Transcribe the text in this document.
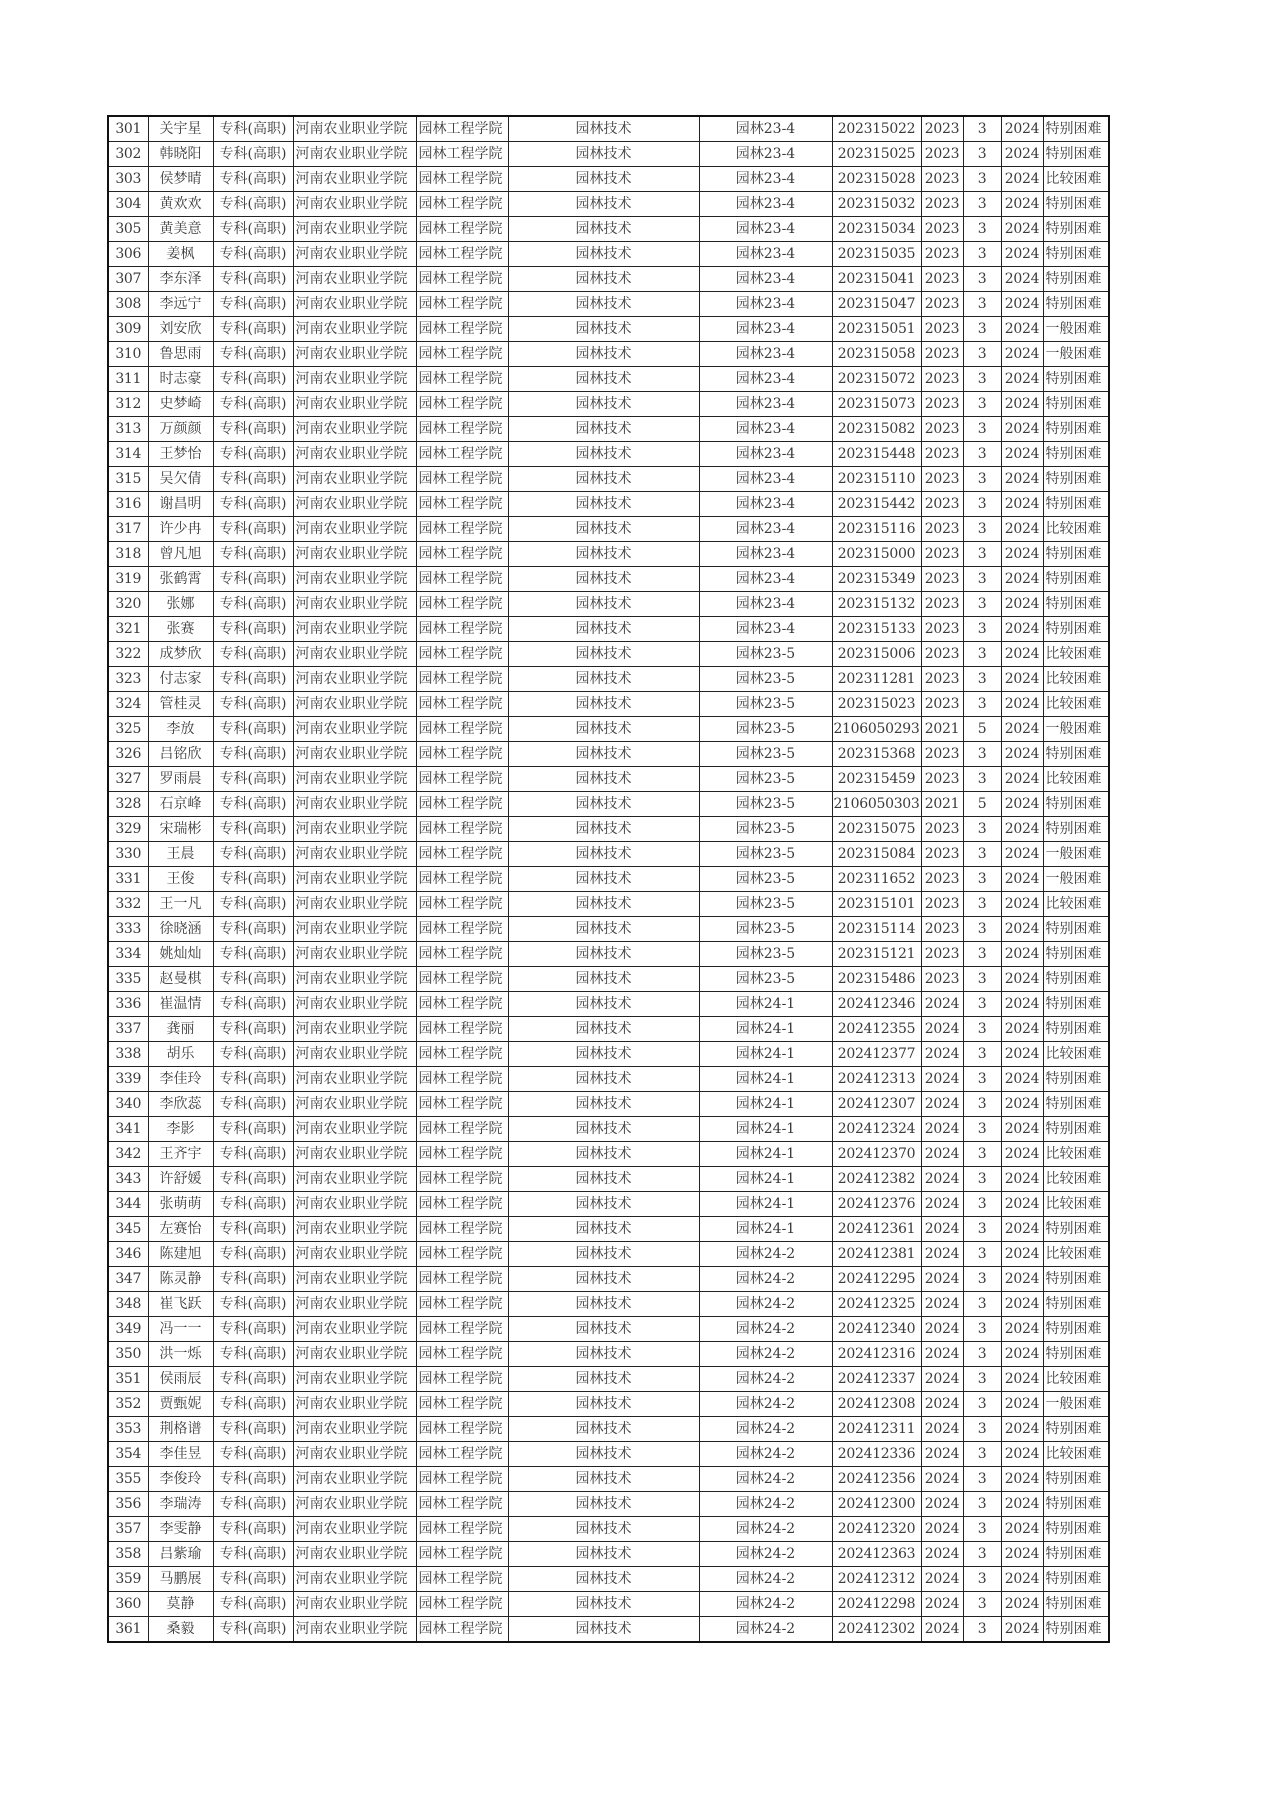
301	关宇星	专科(高职)	河南农业职业学院	园林工程学院	园林技术	园林23-4	202315022	2023	3	2024	特别困难
302	韩晓阳	专科(高职)	河南农业职业学院	园林工程学院	园林技术	园林23-4	202315025	2023	3	2024	特别困难
303	侯梦晴	专科(高职)	河南农业职业学院	园林工程学院	园林技术	园林23-4	202315028	2023	3	2024	比较困难
304	黄欢欢	专科(高职)	河南农业职业学院	园林工程学院	园林技术	园林23-4	202315032	2023	3	2024	特别困难
305	黄美意	专科(高职)	河南农业职业学院	园林工程学院	园林技术	园林23-4	202315034	2023	3	2024	特别困难
306	姜枫	专科(高职)	河南农业职业学院	园林工程学院	园林技术	园林23-4	202315035	2023	3	2024	特别困难
307	李东泽	专科(高职)	河南农业职业学院	园林工程学院	园林技术	园林23-4	202315041	2023	3	2024	特别困难
308	李远宁	专科(高职)	河南农业职业学院	园林工程学院	园林技术	园林23-4	202315047	2023	3	2024	特别困难
309	刘安欣	专科(高职)	河南农业职业学院	园林工程学院	园林技术	园林23-4	202315051	2023	3	2024	一般困难
310	鲁思雨	专科(高职)	河南农业职业学院	园林工程学院	园林技术	园林23-4	202315058	2023	3	2024	一般困难
311	时志豪	专科(高职)	河南农业职业学院	园林工程学院	园林技术	园林23-4	202315072	2023	3	2024	特别困难
312	史梦崎	专科(高职)	河南农业职业学院	园林工程学院	园林技术	园林23-4	202315073	2023	3	2024	特别困难
313	万颜颜	专科(高职)	河南农业职业学院	园林工程学院	园林技术	园林23-4	202315082	2023	3	2024	特别困难
314	王梦怡	专科(高职)	河南农业职业学院	园林工程学院	园林技术	园林23-4	202315448	2023	3	2024	特别困难
315	吴欠倩	专科(高职)	河南农业职业学院	园林工程学院	园林技术	园林23-4	202315110	2023	3	2024	特别困难
316	谢昌明	专科(高职)	河南农业职业学院	园林工程学院	园林技术	园林23-4	202315442	2023	3	2024	特别困难
317	许少冉	专科(高职)	河南农业职业学院	园林工程学院	园林技术	园林23-4	202315116	2023	3	2024	比较困难
318	曾凡旭	专科(高职)	河南农业职业学院	园林工程学院	园林技术	园林23-4	202315000	2023	3	2024	特别困难
319	张鹤霄	专科(高职)	河南农业职业学院	园林工程学院	园林技术	园林23-4	202315349	2023	3	2024	特别困难
320	张娜	专科(高职)	河南农业职业学院	园林工程学院	园林技术	园林23-4	202315132	2023	3	2024	特别困难
321	张赛	专科(高职)	河南农业职业学院	园林工程学院	园林技术	园林23-4	202315133	2023	3	2024	特别困难
322	成梦欣	专科(高职)	河南农业职业学院	园林工程学院	园林技术	园林23-5	202315006	2023	3	2024	比较困难
323	付志家	专科(高职)	河南农业职业学院	园林工程学院	园林技术	园林23-5	202311281	2023	3	2024	比较困难
324	管桂灵	专科(高职)	河南农业职业学院	园林工程学院	园林技术	园林23-5	202315023	2023	3	2024	比较困难
325	李放	专科(高职)	河南农业职业学院	园林工程学院	园林技术	园林23-5	2106050293	2021	5	2024	一般困难
326	吕铭欣	专科(高职)	河南农业职业学院	园林工程学院	园林技术	园林23-5	202315368	2023	3	2024	特别困难
327	罗雨晨	专科(高职)	河南农业职业学院	园林工程学院	园林技术	园林23-5	202315459	2023	3	2024	比较困难
328	石京峰	专科(高职)	河南农业职业学院	园林工程学院	园林技术	园林23-5	2106050303	2021	5	2024	特别困难
329	宋瑞彬	专科(高职)	河南农业职业学院	园林工程学院	园林技术	园林23-5	202315075	2023	3	2024	特别困难
330	王晨	专科(高职)	河南农业职业学院	园林工程学院	园林技术	园林23-5	202315084	2023	3	2024	一般困难
331	王俊	专科(高职)	河南农业职业学院	园林工程学院	园林技术	园林23-5	202311652	2023	3	2024	一般困难
332	王一凡	专科(高职)	河南农业职业学院	园林工程学院	园林技术	园林23-5	202315101	2023	3	2024	比较困难
333	徐晓涵	专科(高职)	河南农业职业学院	园林工程学院	园林技术	园林23-5	202315114	2023	3	2024	特别困难
334	姚灿灿	专科(高职)	河南农业职业学院	园林工程学院	园林技术	园林23-5	202315121	2023	3	2024	特别困难
335	赵曼棋	专科(高职)	河南农业职业学院	园林工程学院	园林技术	园林23-5	202315486	2023	3	2024	特别困难
336	崔温情	专科(高职)	河南农业职业学院	园林工程学院	园林技术	园林24-1	202412346	2024	3	2024	特别困难
337	龚丽	专科(高职)	河南农业职业学院	园林工程学院	园林技术	园林24-1	202412355	2024	3	2024	特别困难
338	胡乐	专科(高职)	河南农业职业学院	园林工程学院	园林技术	园林24-1	202412377	2024	3	2024	比较困难
339	李佳玲	专科(高职)	河南农业职业学院	园林工程学院	园林技术	园林24-1	202412313	2024	3	2024	特别困难
340	李欣蕊	专科(高职)	河南农业职业学院	园林工程学院	园林技术	园林24-1	202412307	2024	3	2024	特别困难
341	李影	专科(高职)	河南农业职业学院	园林工程学院	园林技术	园林24-1	202412324	2024	3	2024	特别困难
342	王齐宇	专科(高职)	河南农业职业学院	园林工程学院	园林技术	园林24-1	202412370	2024	3	2024	比较困难
343	许舒媛	专科(高职)	河南农业职业学院	园林工程学院	园林技术	园林24-1	202412382	2024	3	2024	比较困难
344	张萌萌	专科(高职)	河南农业职业学院	园林工程学院	园林技术	园林24-1	202412376	2024	3	2024	比较困难
345	左赛怡	专科(高职)	河南农业职业学院	园林工程学院	园林技术	园林24-1	202412361	2024	3	2024	特别困难
346	陈建旭	专科(高职)	河南农业职业学院	园林工程学院	园林技术	园林24-2	202412381	2024	3	2024	比较困难
347	陈灵静	专科(高职)	河南农业职业学院	园林工程学院	园林技术	园林24-2	202412295	2024	3	2024	特别困难
348	崔飞跃	专科(高职)	河南农业职业学院	园林工程学院	园林技术	园林24-2	202412325	2024	3	2024	特别困难
349	冯一一	专科(高职)	河南农业职业学院	园林工程学院	园林技术	园林24-2	202412340	2024	3	2024	特别困难
350	洪一烁	专科(高职)	河南农业职业学院	园林工程学院	园林技术	园林24-2	202412316	2024	3	2024	特别困难
351	侯雨辰	专科(高职)	河南农业职业学院	园林工程学院	园林技术	园林24-2	202412337	2024	3	2024	比较困难
352	贾甄妮	专科(高职)	河南农业职业学院	园林工程学院	园林技术	园林24-2	202412308	2024	3	2024	一般困难
353	荆格谱	专科(高职)	河南农业职业学院	园林工程学院	园林技术	园林24-2	202412311	2024	3	2024	特别困难
354	李佳昱	专科(高职)	河南农业职业学院	园林工程学院	园林技术	园林24-2	202412336	2024	3	2024	比较困难
355	李俊玲	专科(高职)	河南农业职业学院	园林工程学院	园林技术	园林24-2	202412356	2024	3	2024	特别困难
356	李瑞涛	专科(高职)	河南农业职业学院	园林工程学院	园林技术	园林24-2	202412300	2024	3	2024	特别困难
357	李雯静	专科(高职)	河南农业职业学院	园林工程学院	园林技术	园林24-2	202412320	2024	3	2024	特别困难
358	吕紫瑜	专科(高职)	河南农业职业学院	园林工程学院	园林技术	园林24-2	202412363	2024	3	2024	特别困难
359	马鹏展	专科(高职)	河南农业职业学院	园林工程学院	园林技术	园林24-2	202412312	2024	3	2024	特别困难
360	莫静	专科(高职)	河南农业职业学院	园林工程学院	园林技术	园林24-2	202412298	2024	3	2024	特别困难
361	桑毅	专科(高职)	河南农业职业学院	园林工程学院	园林技术	园林24-2	202412302	2024	3	2024	特别困难
